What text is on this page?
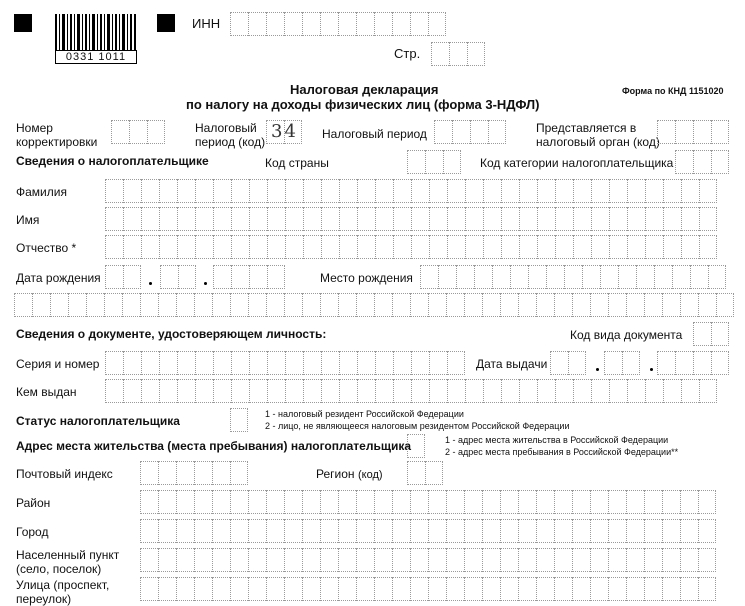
0331 1011
ИНН
Стр.
Налоговая декларация
по налогу на доходы физических лиц (форма 3-НДФЛ)
Форма по КНД 1151020
Номер
корректировки
Налоговый
период (код) 34 Налоговый период	Представляется в
налоговый орган (код)
Сведения о налогоплательщике	Код страны	Код категории налогоплательщика
Фамилия
Имя
Отчество *
Дата рождения	Место рождения
Сведения о документе, удостоверяющем личность:	Код вида документа
Серия и номер	Дата выдачи
Кем выдан
Статус налогоплательщика	1 - налоговый резидент Российской Федерации
2 - лицо, не являющееся налоговым резидентом Российской Федерации
Адрес места жительства (места пребывания) налогоплательщика	1 - адрес места жительства в Российской Федерации
2 - адрес места пребывания в Российской Федерации**
Почтовый индекс	Регион (код)
Район
Город
Населенный пункт
(село, поселок)
Улица (проспект,
переулок)
